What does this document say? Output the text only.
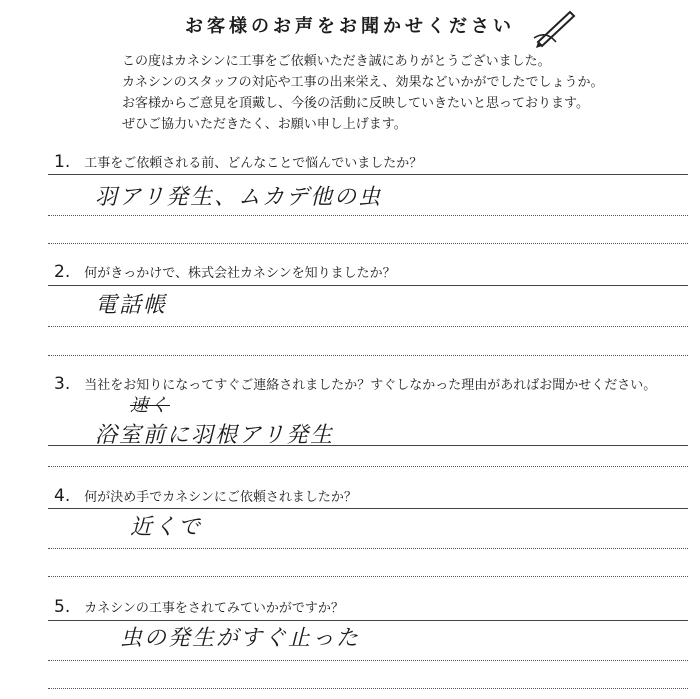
お客様のお声をお聞かせください
この度はカネシンに工事をご依頼いただき誠にありがとうございました。
カネシンのスタッフの対応や工事の出来栄え、効果などいかがでしたでしょうか。
お客様からご意見を頂戴し、今後の活動に反映していきたいと思っております。
ぜひご協力いただきたく、お願い申し上げます。
1. 工事をご依頼される前、どんなことで悩んでいましたか？
羽アリ発生、ムカデ他の虫
2. 何がきっかけで、株式会社カネシンを知りましたか？
電話帳
3. 当社をお知りになってすぐご連絡されましたか？すぐしなかった理由があればお聞かせください。
速く
浴室前に羽根アリ発生
4. 何が決め手でカネシンにご依頼されましたか？
近くで
5. カネシンの工事をされてみていかがですか？
虫の発生がすぐ止った
